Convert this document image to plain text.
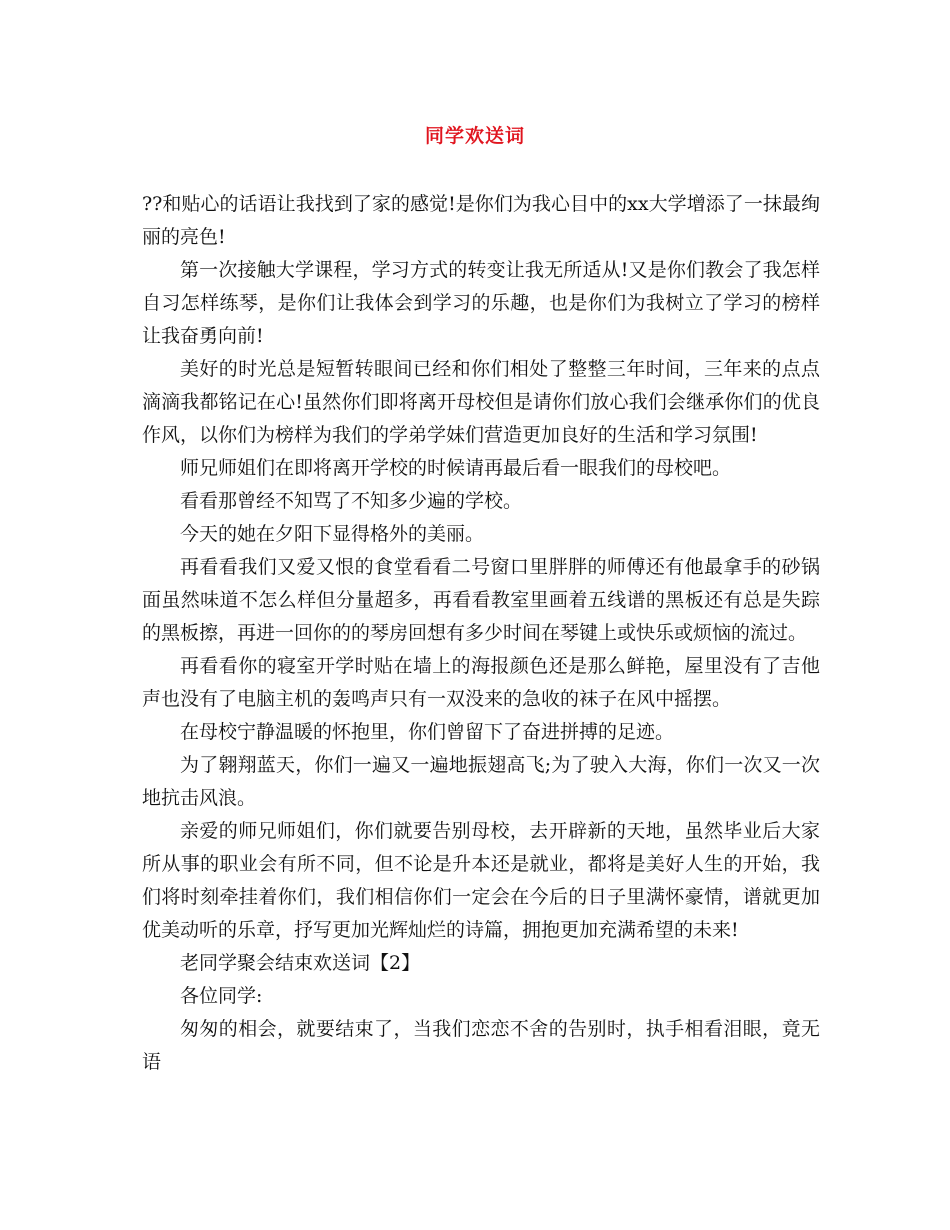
同学欢送词

??和贴心的话语让我找到了家的感觉!是你们为我心目中的xx大学增添了一抹最绚丽的亮色!

第一次接触大学课程，学习方式的转变让我无所适从!又是你们教会了我怎样自习怎样练琴，是你们让我体会到学习的乐趣，也是你们为我树立了学习的榜样让我奋勇向前!

美好的时光总是短暂转眼间已经和你们相处了整整三年时间，三年来的点点滴滴我都铭记在心!虽然你们即将离开母校但是请你们放心我们会继承你们的优良作风，以你们为榜样为我们的学弟学妹们营造更加良好的生活和学习氛围!

师兄师姐们在即将离开学校的时候请再最后看一眼我们的母校吧。

看看那曾经不知骂了不知多少遍的学校。

今天的她在夕阳下显得格外的美丽。

再看看我们又爱又恨的食堂看看二号窗口里胖胖的师傅还有他最拿手的砂锅面虽然味道不怎么样但分量超多，再看看教室里画着五线谱的黑板还有总是失踪的黑板擦，再进一回你的的琴房回想有多少时间在琴键上或快乐或烦恼的流过。

再看看你的寝室开学时贴在墙上的海报颜色还是那么鲜艳，屋里没有了吉他声也没有了电脑主机的轰鸣声只有一双没来的急收的袜子在风中摇摆。

在母校宁静温暖的怀抱里，你们曾留下了奋进拼搏的足迹。

为了翱翔蓝天，你们一遍又一遍地振翅高飞;为了驶入大海，你们一次又一次地抗击风浪。

亲爱的师兄师姐们，你们就要告别母校，去开辟新的天地，虽然毕业后大家所从事的职业会有所不同，但不论是升本还是就业，都将是美好人生的开始，我们将时刻牵挂着你们，我们相信你们一定会在今后的日子里满怀豪情，谱就更加优美动听的乐章，抒写更加光辉灿烂的诗篇，拥抱更加充满希望的未来!

老同学聚会结束欢送词【2】

各位同学:

匆匆的相会，就要结束了，当我们恋恋不舍的告别时，执手相看泪眼，竟无语
